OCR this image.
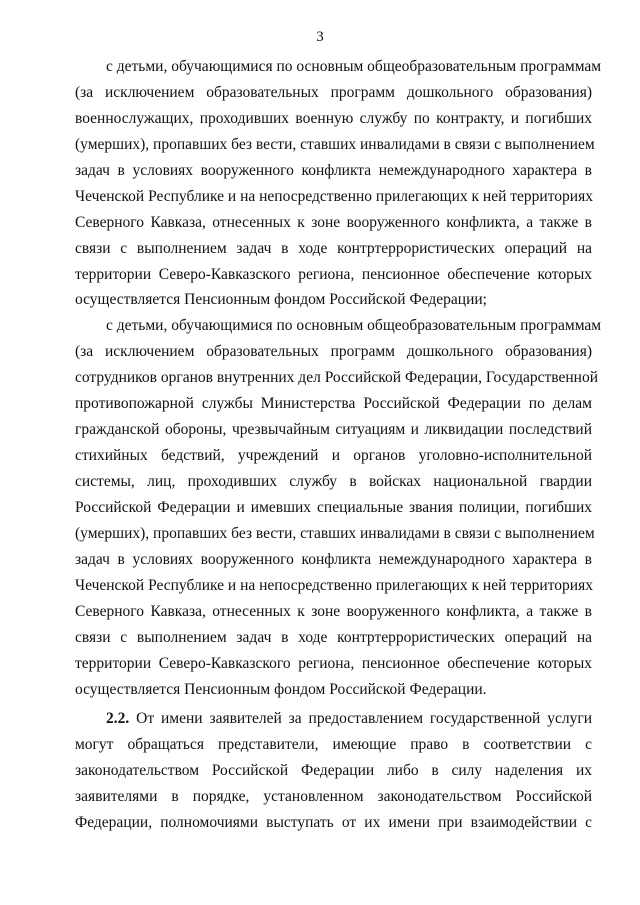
3
с детьми, обучающимися по основным общеобразовательным программам
(за исключением образовательных программ дошкольного образования)
военнослужащих, проходивших военную службу по контракту, и погибших
(умерших), пропавших без вести, ставших инвалидами в связи с выполнением
задач в условиях вооруженного конфликта немеждународного характера в
Чеченской Республике и на непосредственно прилегающих к ней территориях
Северного Кавказа, отнесенных к зоне вооруженного конфликта, а также в
связи с выполнением задач в ходе контртеррористических операций на
территории Северо-Кавказского региона, пенсионное обеспечение которых
осуществляется Пенсионным фондом Российской Федерации;
с детьми, обучающимися по основным общеобразовательным программам
(за исключением образовательных программ дошкольного образования)
сотрудников органов внутренних дел Российской Федерации, Государственной
противопожарной службы Министерства Российской Федерации по делам
гражданской обороны, чрезвычайным ситуациям и ликвидации последствий
стихийных бедствий, учреждений и органов уголовно-исполнительной
системы, лиц, проходивших службу в войсках национальной гвардии
Российской Федерации и имевших специальные звания полиции, погибших
(умерших), пропавших без вести, ставших инвалидами в связи с выполнением
задач в условиях вооруженного конфликта немеждународного характера в
Чеченской Республике и на непосредственно прилегающих к ней территориях
Северного Кавказа, отнесенных к зоне вооруженного конфликта, а также в
связи с выполнением задач в ходе контртеррористических операций на
территории Северо-Кавказского региона, пенсионное обеспечение которых
осуществляется Пенсионным фондом Российской Федерации.
2.2. От имени заявителей за предоставлением государственной услуги
могут обращаться представители, имеющие право в соответствии с
законодательством Российской Федерации либо в силу наделения их
заявителями в порядке, установленном законодательством Российской
Федерации, полномочиями выступать от их имени при взаимодействии с
